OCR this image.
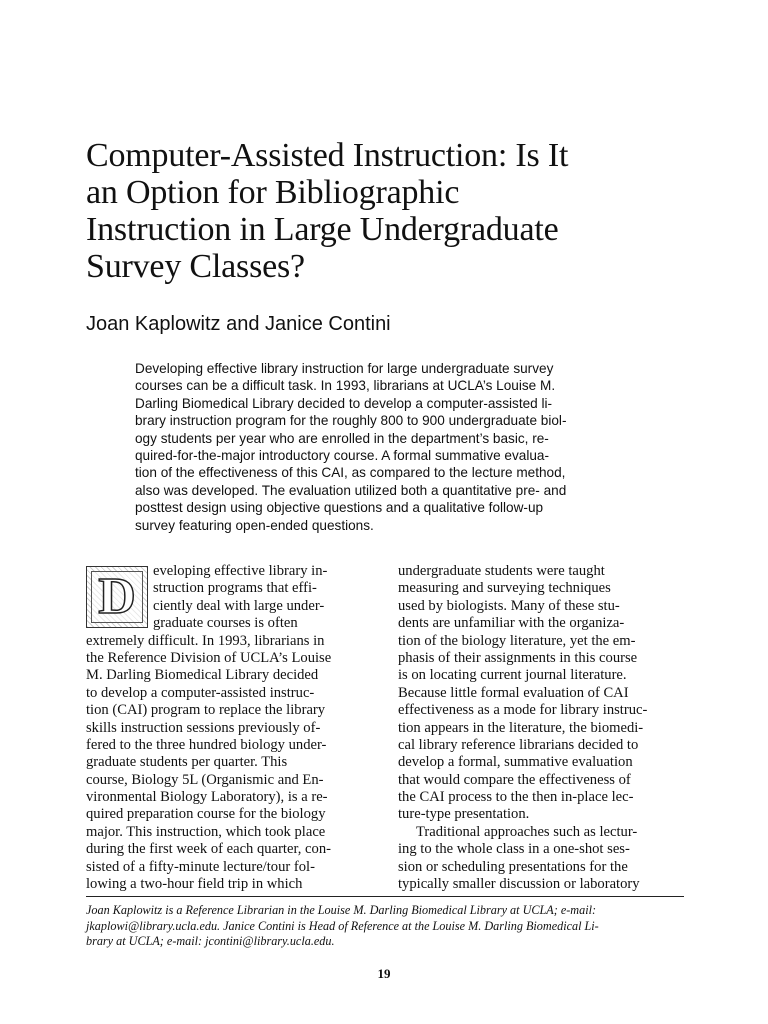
Computer-Assisted Instruction: Is It
an Option for Bibliographic
Instruction in Large Undergraduate
Survey Classes?

Joan Kaplowitz and Janice Contini

Developing effective library instruction for large undergraduate survey
courses can be a difficult task. In 1993, librarians at UCLA’s Louise M.
Darling Biomedical Library decided to develop a computer-assisted li-
brary instruction program for the roughly 800 to 900 undergraduate biol-
ogy students per year who are enrolled in the department’s basic, re-
quired-for-the-major introductory course. A formal summative evalua-
tion of the effectiveness of this CAI, as compared to the lecture method,
also was developed. The evaluation utilized both a quantitative pre- and
posttest design using objective questions and a qualitative follow-up
survey featuring open-ended questions.
D	eveloping effective library in-
struction programs that effi-
ciently deal with large under-
graduate courses is often
extremely difficult. In 1993, librarians in
the Reference Division of UCLA’s Louise
M. Darling Biomedical Library decided
to develop a computer-assisted instruc-
tion (CAI) program to replace the library
skills instruction sessions previously of-
fered to the three hundred biology under-
graduate students per quarter. This
course, Biology 5L (Organismic and En-
vironmental Biology Laboratory), is a re-
quired preparation course for the biology
major. This instruction, which took place
during the first week of each quarter, con-
sisted of a fifty-minute lecture/tour fol-
lowing a two-hour field trip in which
undergraduate students were taught
measuring and surveying techniques
used by biologists. Many of these stu-
dents are unfamiliar with the organiza-
tion of the biology literature, yet the em-
phasis of their assignments in this course
is on locating current journal literature.
Because little formal evaluation of CAI
effectiveness as a mode for library instruc-
tion appears in the literature, the biomedi-
cal library reference librarians decided to
develop a formal, summative evaluation
that would compare the effectiveness of
the CAI process to the then in-place lec-
ture-type presentation.
Traditional approaches such as lectur-
ing to the whole class in a one-shot ses-
sion or scheduling presentations for the
typically smaller discussion or laboratory
Joan Kaplowitz is a Reference Librarian in the Louise M. Darling Biomedical Library at UCLA; e-mail:
jkaplowi@library.ucla.edu. Janice Contini is Head of Reference at the Louise M. Darling Biomedical Li-
brary at UCLA; e-mail: jcontini@library.ucla.edu.
19
